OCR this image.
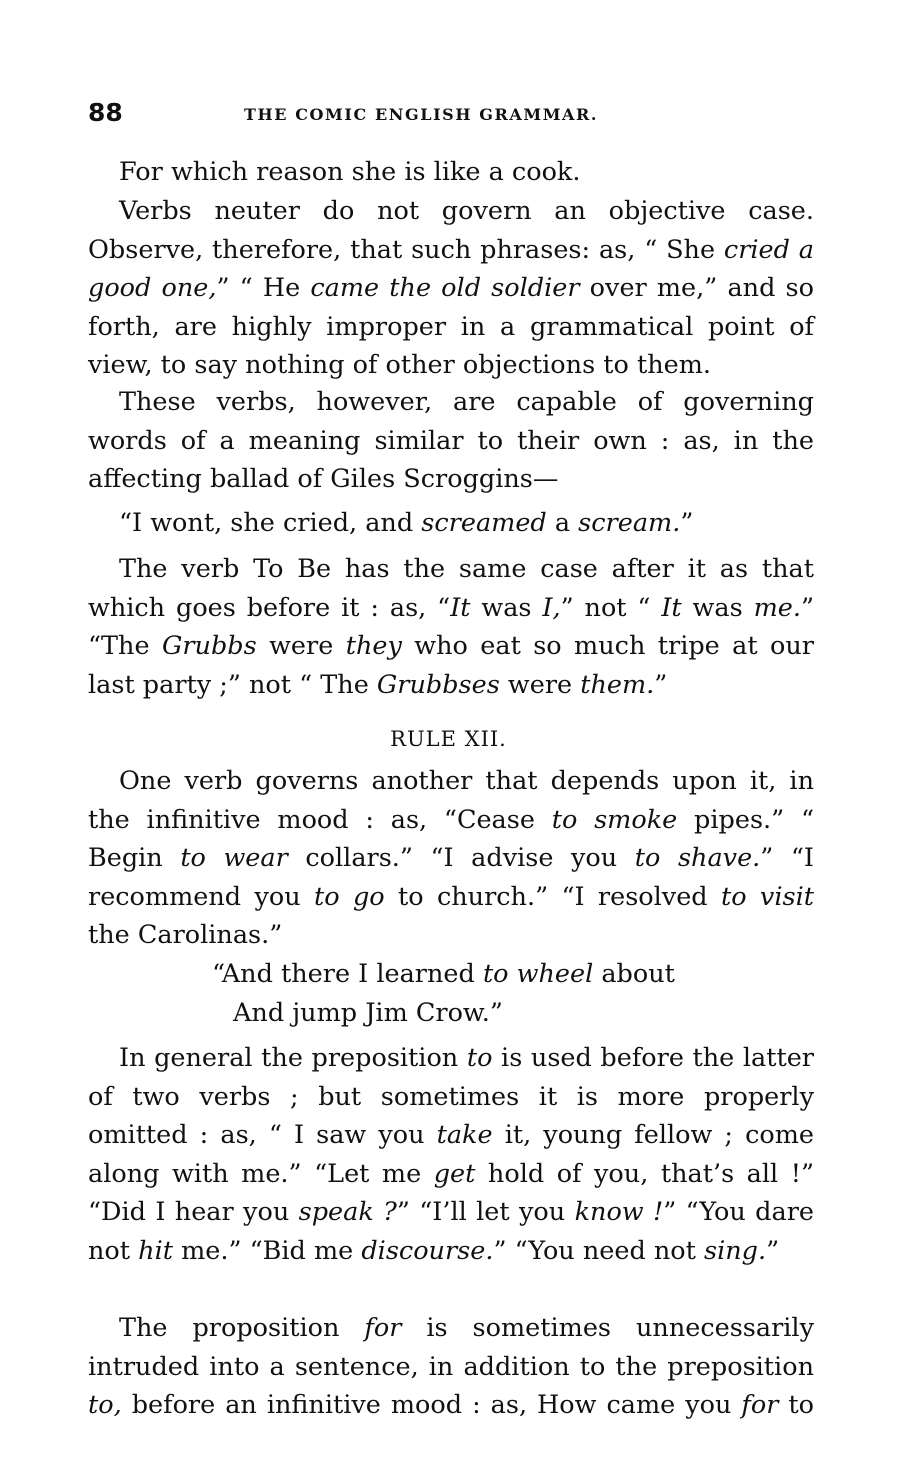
88	THE COMIC ENGLISH GRAMMAR.

For which reason she is like a cook.

Verbs neuter do not govern an objective case. Observe, therefore, that such phrases: as, “ She cried a good one,” “ He came the old soldier over me,” and so forth, are highly improper in a grammatical point of view, to say nothing of other objections to them.

These verbs, however, are capable of governing words of a meaning similar to their own : as, in the affecting ballad of Giles Scroggins—

“I wont, she cried, and screamed a scream.”

The verb To Be has the same case after it as that which goes before it : as, “It was I,” not “ It was me.” “The Grubbs were they who eat so much tripe at our last party ;” not “ The Grubbses were them.”

RULE XII.

One verb governs another that depends upon it, in the infinitive mood : as, “Cease to smoke pipes.” “ Begin to wear collars.” “I advise you to shave.” “I recommend you to go to church.” “I resolved to visit the Carolinas.”

“And there I learned to wheel about

And jump Jim Crow.”

In general the preposition to is used before the latter of two verbs ; but sometimes it is more properly omitted : as, “ I saw you take it, young fellow ; come along with me.” “Let me get hold of you, that’s all !” “Did I hear you speak ?” “I’ll let you know !” “You dare not hit me.” “Bid me discourse.” “You need not sing.”

The proposition for is sometimes unnecessarily intruded into a sentence, in addition to the preposition to, before an infinitive mood : as, How came you for to
